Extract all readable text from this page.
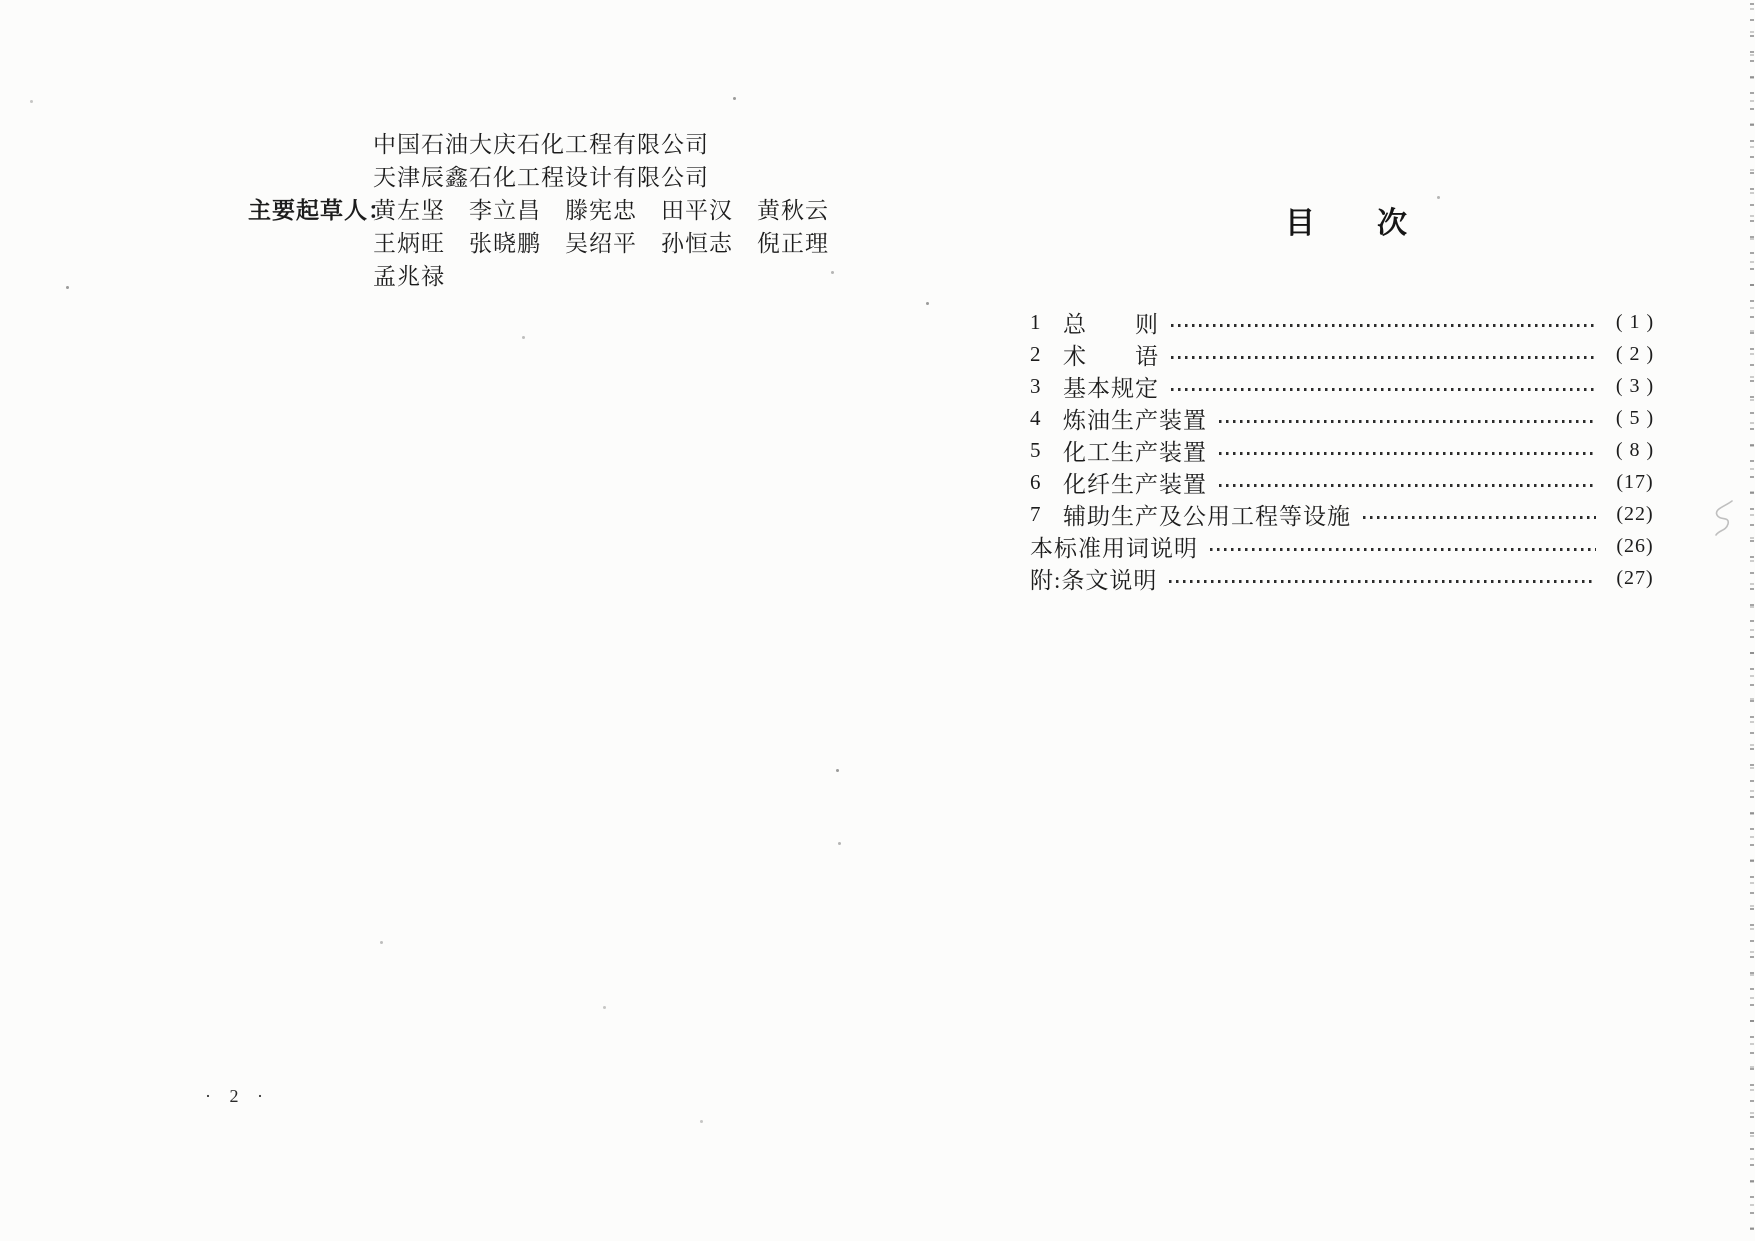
主要起草人：
中国石油大庆石化工程有限公司
天津辰鑫石化工程设计有限公司
黄左坚　李立昌　滕宪忠　田平汉　黄秋云
王炳旺　张晓鹏　吴绍平　孙恒志　倪正理
孟兆禄
· 2 ·
目 次
1 总　　则	( 1 )
2 术　　语	( 2 )
3 基本规定	( 3 )
4 炼油生产装置	( 5 )
5 化工生产装置	( 8 )
6 化纤生产装置	(17)
7 辅助生产及公用工程等设施	(22)
本标准用词说明	(26)
附:条文说明	(27)
